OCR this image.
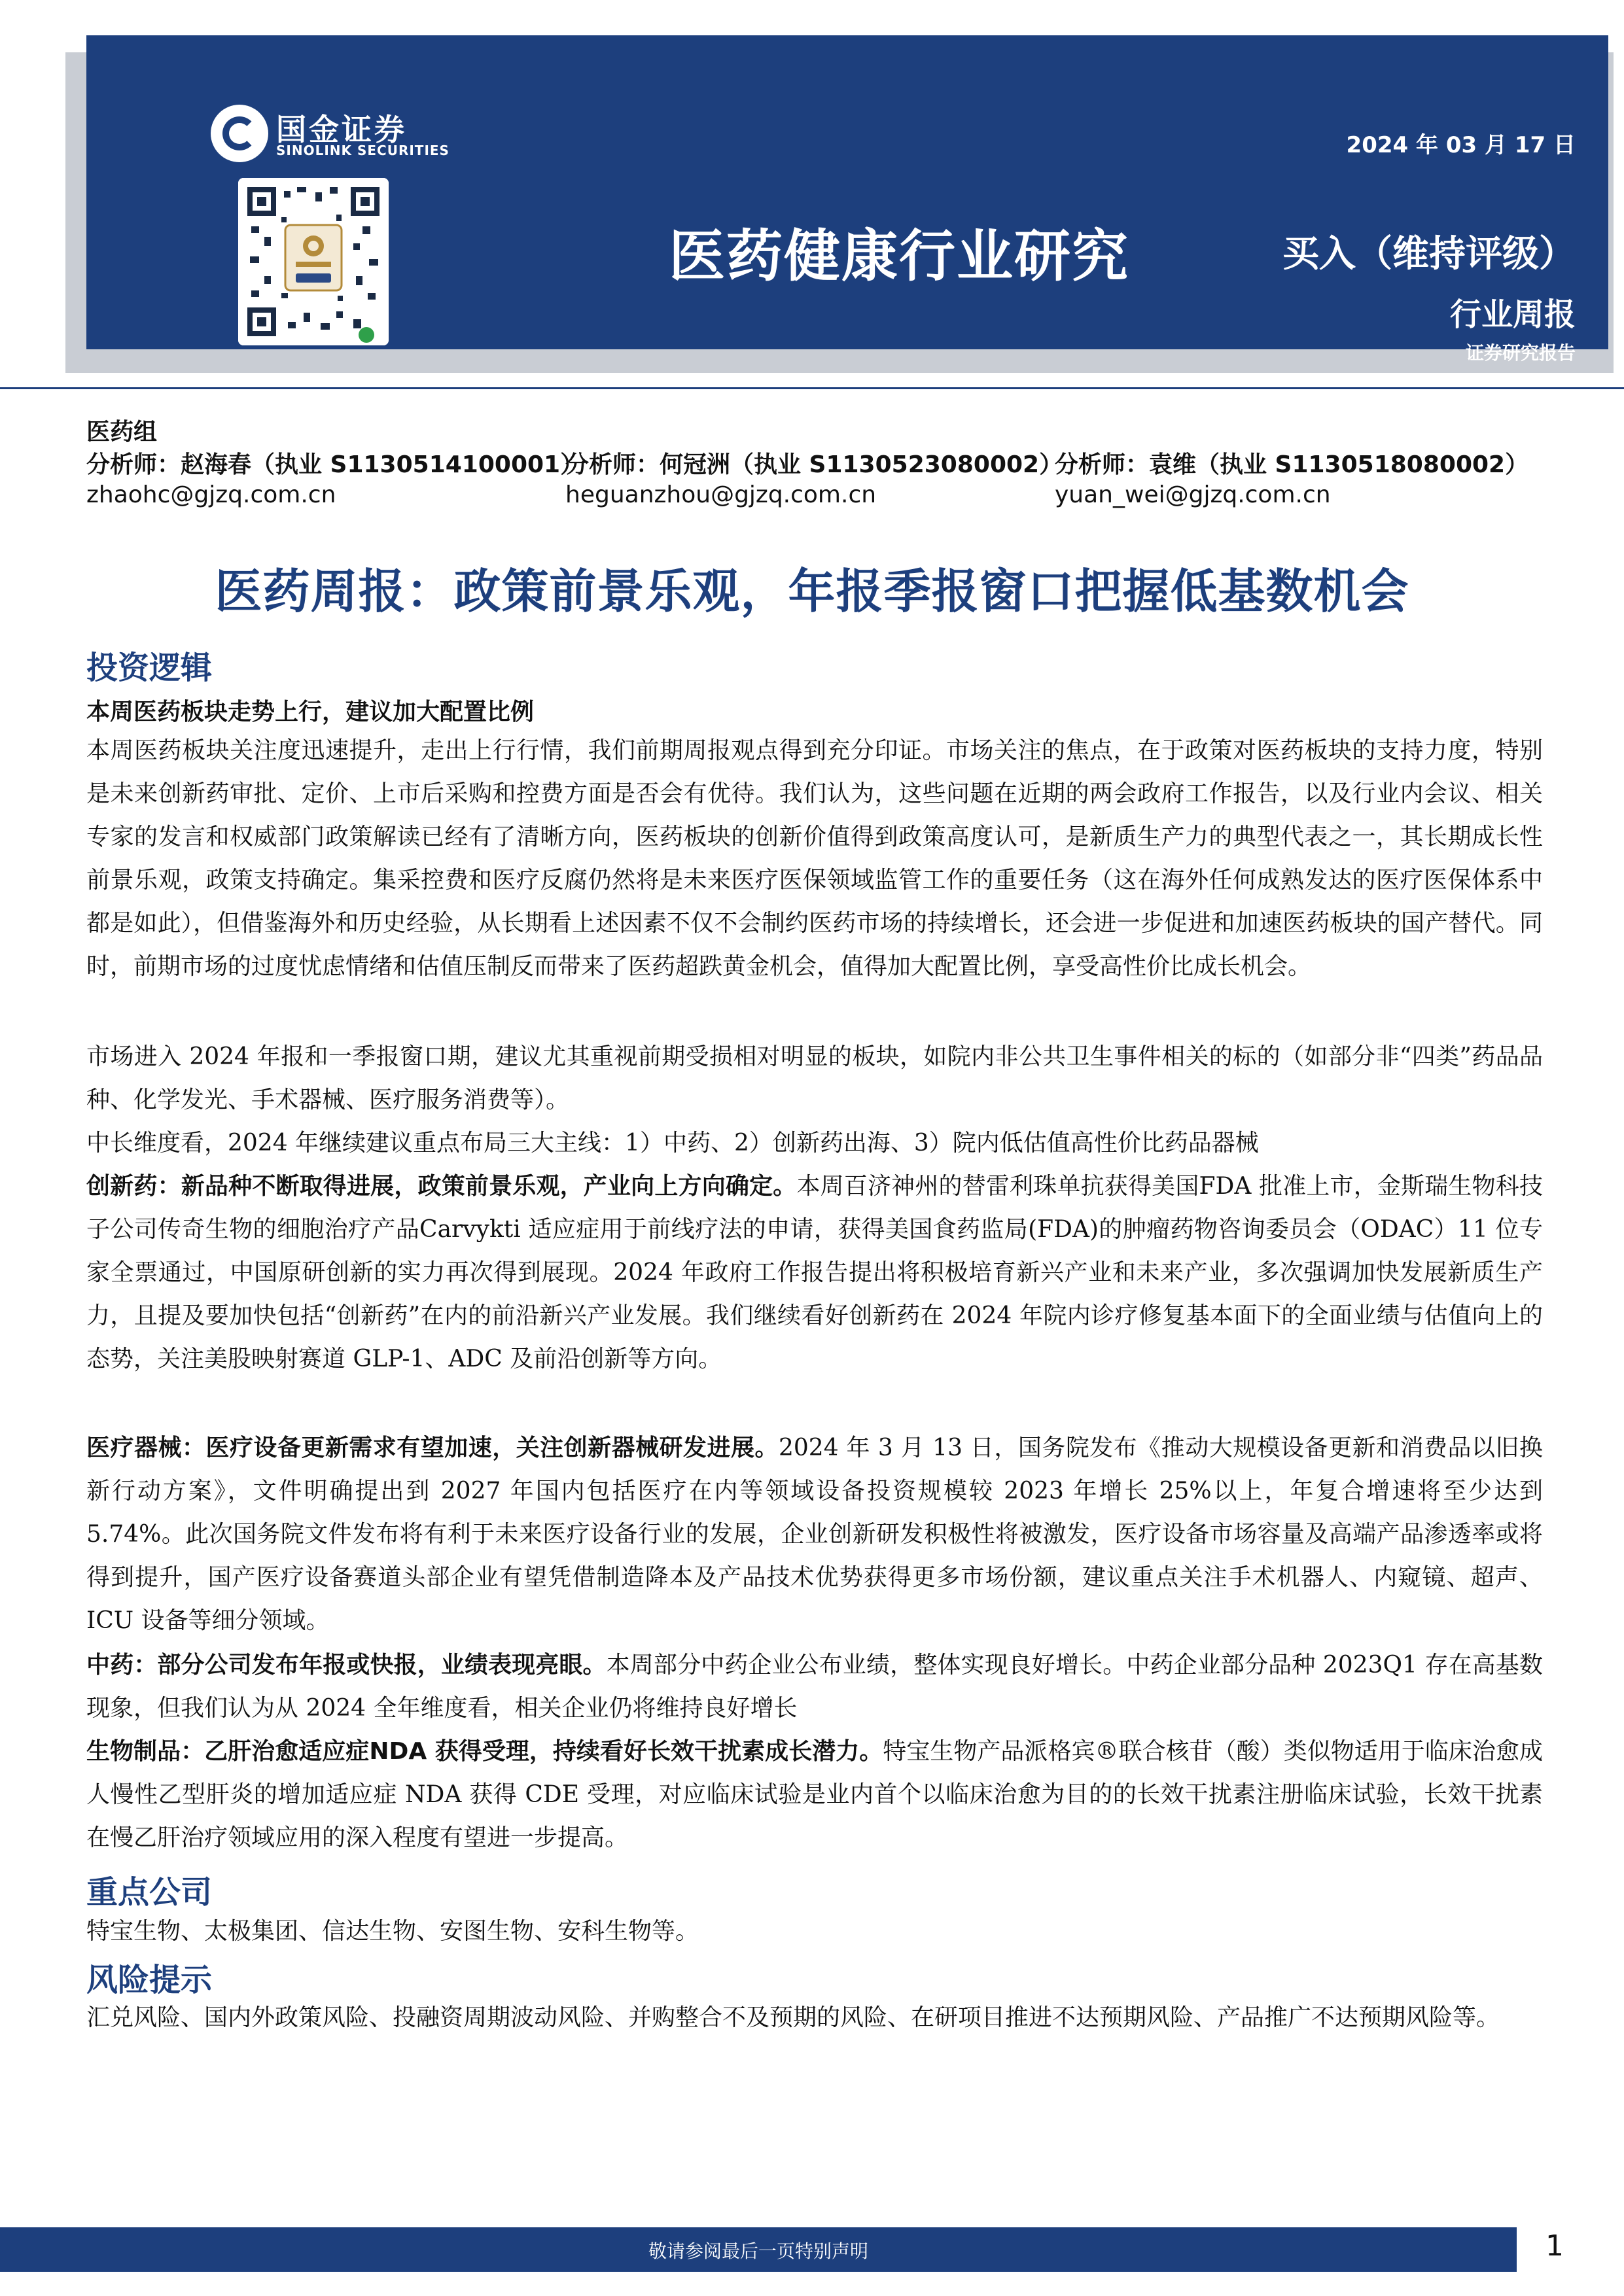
国金证券
SINOLINK SECURITIES	2024 年 03 月 17 日
医药健康行业研究	买入（维持评级）
行业周报
证券研究报告
医药组
分析师：赵海春（执业 S1130514100001）
分析师：何冠洲（执业 S1130523080002）
分析师：袁维（执业 S1130518080002）
zhaohc@gjzq.com.cn	heguanzhou@gjzq.com.cn	yuan_wei@gjzq.com.cn
医药周报：政策前景乐观，年报季报窗口把握低基数机会
投资逻辑
本周医药板块走势上行，建议加大配置比例
本周医药板块关注度迅速提升，走出上行行情，我们前期周报观点得到充分印证。市场关注的焦点，在于政策对医药板块的支持力度，特别是未来创新药审批、定价、上市后采购和控费方面是否会有优待。我们认为，这些问题在近期的两会政府工作报告，以及行业内会议、相关专家的发言和权威部门政策解读已经有了清晰方向，医药板块的创新价值得到政策高度认可，是新质生产力的典型代表之一，其长期成长性前景乐观，政策支持确定。集采控费和医疗反腐仍然将是未来医疗医保领域监管工作的重要任务（这在海外任何成熟发达的医疗医保体系中都是如此），但借鉴海外和历史经验，从长期看上述因素不仅不会制约医药市场的持续增长，还会进一步促进和加速医药板块的国产替代。同时，前期市场的过度忧虑情绪和估值压制反而带来了医药超跌黄金机会，值得加大配置比例，享受高性价比成长机会。
市场进入 2024 年报和一季报窗口期，建议尤其重视前期受损相对明显的板块，如院内非公共卫生事件相关的标的（如部分非“四类”药品品种、化学发光、手术器械、医疗服务消费等）。
中长维度看，2024 年继续建议重点布局三大主线：1）中药、2）创新药出海、3）院内低估值高性价比药品器械
创新药：新品种不断取得进展，政策前景乐观，产业向上方向确定。本周百济神州的替雷利珠单抗获得美国FDA 批准上市，金斯瑞生物科技子公司传奇生物的细胞治疗产品Carvykti 适应症用于前线疗法的申请，获得美国食药监局(FDA)的肿瘤药物咨询委员会（ODAC）11 位专家全票通过，中国原研创新的实力再次得到展现。2024 年政府工作报告提出将积极培育新兴产业和未来产业，多次强调加快发展新质生产力，且提及要加快包括“创新药”在内的前沿新兴产业发展。我们继续看好创新药在 2024 年院内诊疗修复基本面下的全面业绩与估值向上的态势，关注美股映射赛道 GLP-1、ADC 及前沿创新等方向。
医疗器械：医疗设备更新需求有望加速，关注创新器械研发进展。2024 年 3 月 13 日，国务院发布《推动大规模设备更新和消费品以旧换新行动方案》，文件明确提出到 2027 年国内包括医疗在内等领域设备投资规模较 2023 年增长 25%以上，年复合增速将至少达到 5.74%。此次国务院文件发布将有利于未来医疗设备行业的发展，企业创新研发积极性将被激发，医疗设备市场容量及高端产品渗透率或将得到提升，国产医疗设备赛道头部企业有望凭借制造降本及产品技术优势获得更多市场份额，建议重点关注手术机器人、内窥镜、超声、ICU 设备等细分领域。
中药：部分公司发布年报或快报，业绩表现亮眼。本周部分中药企业公布业绩，整体实现良好增长。中药企业部分品种 2023Q1 存在高基数现象，但我们认为从 2024 全年维度看，相关企业仍将维持良好增长
生物制品：乙肝治愈适应症NDA 获得受理，持续看好长效干扰素成长潜力。特宝生物产品派格宾®联合核苷（酸）类似物适用于临床治愈成人慢性乙型肝炎的增加适应症 NDA 获得 CDE 受理，对应临床试验是业内首个以临床治愈为目的的长效干扰素注册临床试验，长效干扰素在慢乙肝治疗领域应用的深入程度有望进一步提高。
重点公司
特宝生物、太极集团、信达生物、安图生物、安科生物等。
风险提示
汇兑风险、国内外政策风险、投融资周期波动风险、并购整合不及预期的风险、在研项目推进不达预期风险、产品推广不达预期风险等。
敬请参阅最后一页特别声明	1
